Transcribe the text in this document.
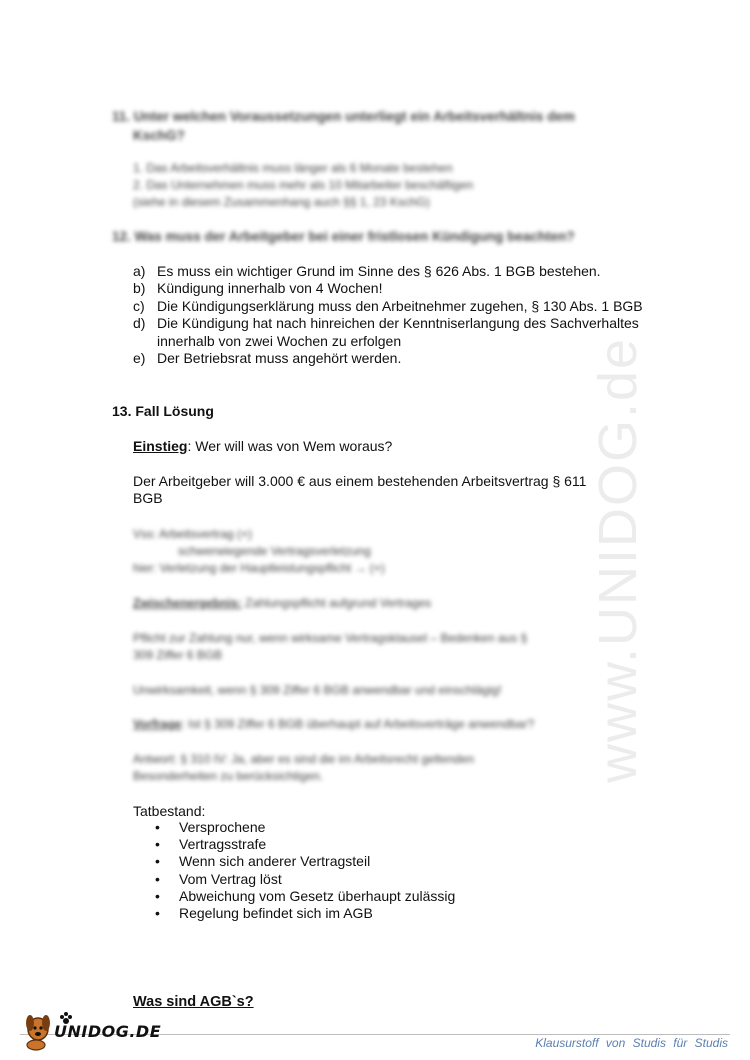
www.UNIDOG.de
11. Unter welchen Voraussetzungen unterliegt ein Arbeitsverhältnis dem
KschG?
1. Das Arbeitsverhältnis muss länger als 6 Monate bestehen
2. Das Unternehmen muss mehr als 10 Mitarbeiter beschäftigen
(siehe in diesem Zusammenhang auch §§ 1, 23 KschG)
12. Was muss der Arbeitgeber bei einer fristlosen Kündigung beachten?
a) Es muss ein wichtiger Grund im Sinne des § 626 Abs. 1 BGB bestehen.
b) Kündigung innerhalb von 4 Wochen!
c) Die Kündigungserklärung muss den Arbeitnehmer zugehen, § 130 Abs. 1 BGB
d) Die Kündigung hat nach hinreichen der Kenntniserlangung des Sachverhaltes innerhalb von zwei Wochen zu erfolgen
e) Der Betriebsrat muss angehört werden.
13. Fall Lösung
Einstieg: Wer will was von Wem woraus?
Der Arbeitgeber will 3.000 € aus einem bestehenden Arbeitsvertrag § 611
BGB
Vss: Arbeitsvertrag (+)
schwerwiegende Vertragsverletzung
hier: Verletzung der Hauptleistungspflicht → (+)
Zwischenergebnis: Zahlungspflicht aufgrund Vertrages
Pflicht zur Zahlung nur, wenn wirksame Vertragsklausel – Bedenken aus §
309 Ziffer 6 BGB
Unwirksamkeit, wenn § 309 Ziffer 6 BGB anwendbar und einschlägig!
Vorfrage: Ist § 309 Ziffer 6 BGB überhaupt auf Arbeitsverträge anwendbar?
Antwort: § 310 IV: Ja, aber es sind die im Arbeitsrecht geltenden
Besonderheiten zu berücksichtigen.
Tatbestand:
•	Versprochene
•	Vertragsstrafe
•	Wenn sich anderer Vertragsteil
•	Vom Vertrag löst
•	Abweichung vom Gesetz überhaupt zulässig
•	Regelung befindet sich im AGB
Was sind AGB`s?
UNIDOG.DE
Klausurstoff von Studis für Studis
